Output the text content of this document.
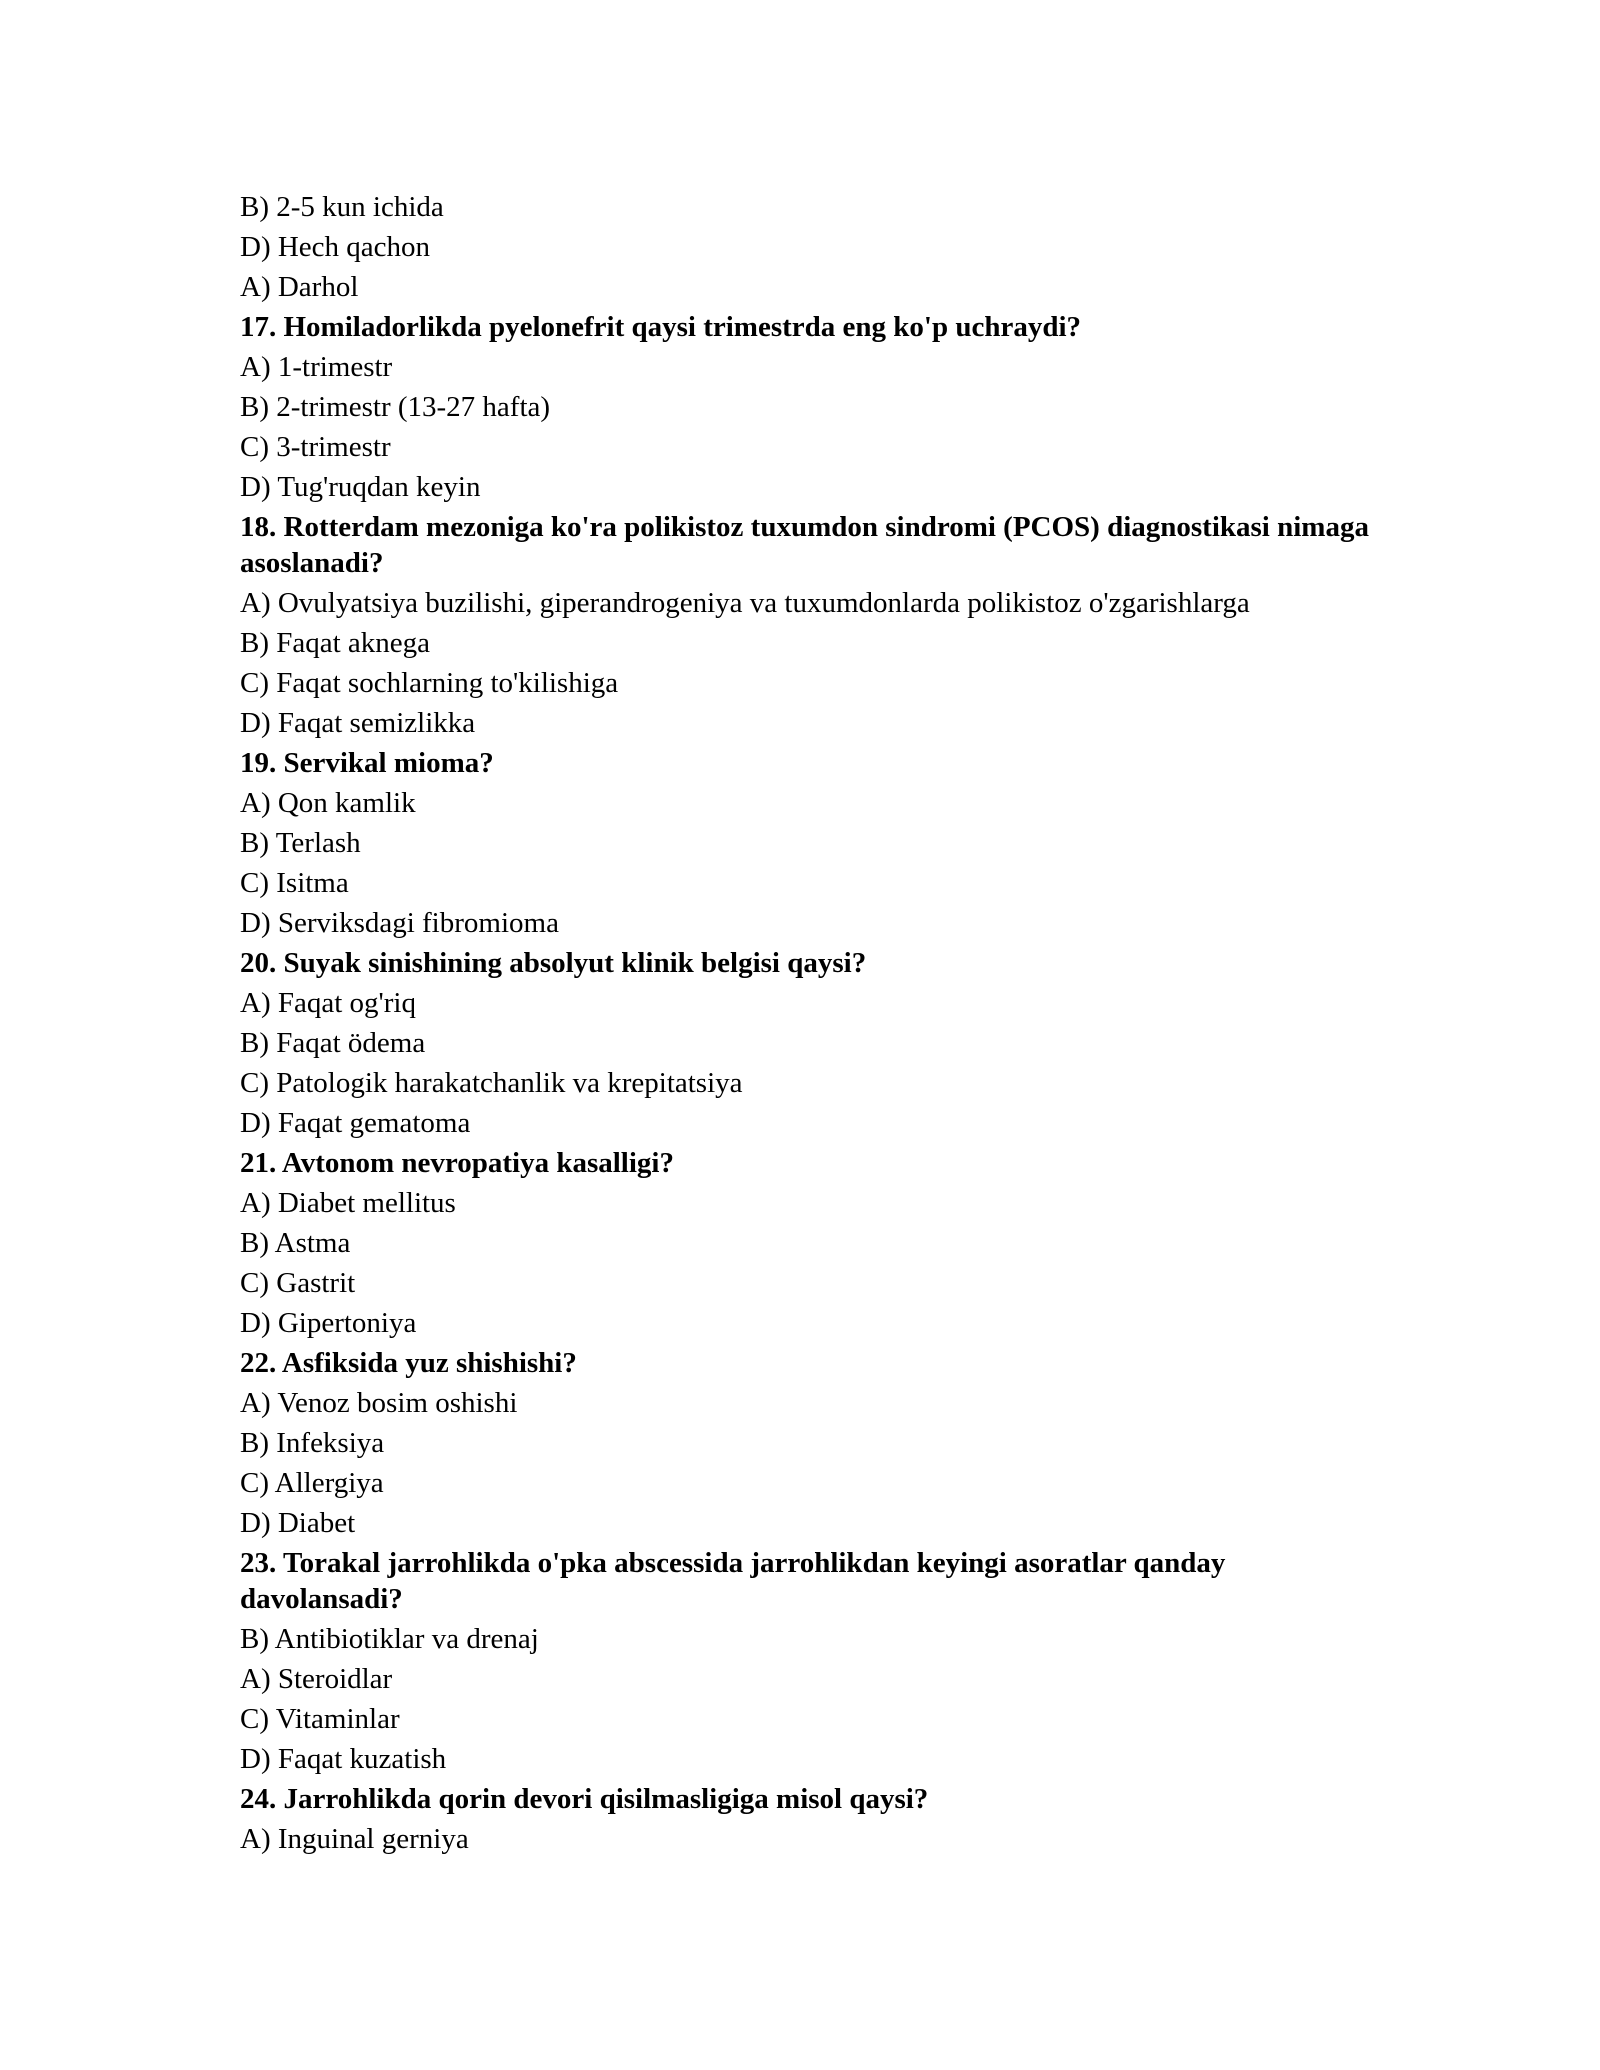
B) 2-5 kun ichida
D) Hech qachon
A) Darhol
17. Homiladorlikda pyelonefrit qaysi trimestrda eng ko'p uchraydi?
A) 1-trimestr
B) 2-trimestr (13-27 hafta)
C) 3-trimestr
D) Tug'ruqdan keyin
18. Rotterdam mezoniga ko'ra polikistoz tuxumdon sindromi (PCOS) diagnostikasi nimaga asoslanadi?
A) Ovulyatsiya buzilishi, giperandrogeniya va tuxumdonlarda polikistoz o'zgarishlarga
B) Faqat aknega
C) Faqat sochlarning to'kilishiga
D) Faqat semizlikka
19. Servikal mioma?
A) Qon kamlik
B) Terlash
C) Isitma
D) Serviksdagi fibromioma
20. Suyak sinishining absolyut klinik belgisi qaysi?
A) Faqat og'riq
B) Faqat ödema
C) Patologik harakatchanlik va krepitatsiya
D) Faqat gematoma
21. Avtonom nevropatiya kasalligi?
A) Diabet mellitus
B) Astma
C) Gastrit
D) Gipertoniya
22. Asfiksida yuz shishishi?
A) Venoz bosim oshishi
B) Infeksiya
C) Allergiya
D) Diabet
23. Torakal jarrohlikda o'pka abscessida jarrohlikdan keyingi asoratlar qanday davolansadi?
B) Antibiotiklar va drenaj
A) Steroidlar
C) Vitaminlar
D) Faqat kuzatish
24. Jarrohlikda qorin devori qisilmasligiga misol qaysi?
A) Inguinal gerniya
